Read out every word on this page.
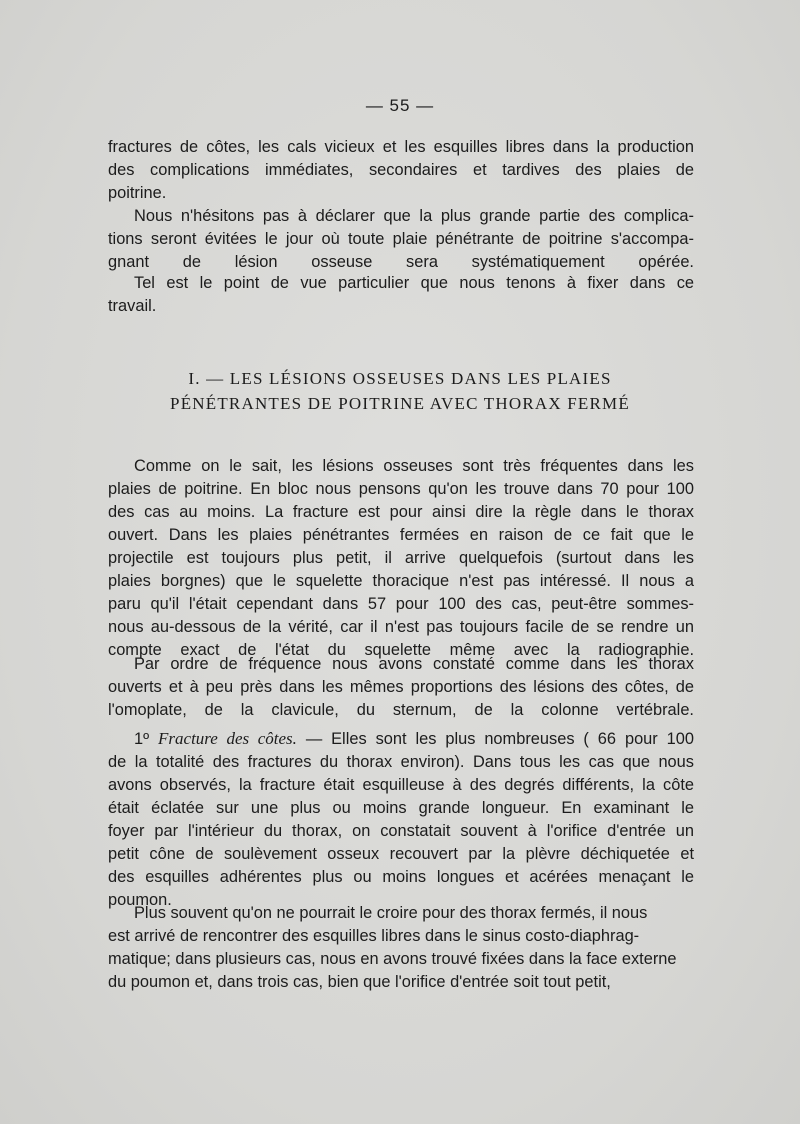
— 55 —
fractures de côtes, les cals vicieux et les esquilles libres dans la production
des complications immédiates, secondaires et tardives des plaies de
poitrine.
Nous n'hésitons pas à déclarer que la plus grande partie des complica-
tions seront évitées le jour où toute plaie pénétrante de poitrine s'accompa-
gnant de lésion osseuse sera systématiquement opérée.
Tel est le point de vue particulier que nous tenons à fixer dans ce
travail.
I. — LES LÉSIONS OSSEUSES DANS LES PLAIES
PÉNÉTRANTES DE POITRINE AVEC THORAX FERMÉ
Comme on le sait, les lésions osseuses sont très fréquentes dans les
plaies de poitrine. En bloc nous pensons qu'on les trouve dans 70 pour 100
des cas au moins. La fracture est pour ainsi dire la règle dans le thorax
ouvert. Dans les plaies pénétrantes fermées en raison de ce fait que le
projectile est toujours plus petit, il arrive quelquefois (surtout dans les
plaies borgnes) que le squelette thoracique n'est pas intéressé. Il nous a
paru qu'il l'était cependant dans 57 pour 100 des cas, peut-être sommes-
nous au-dessous de la vérité, car il n'est pas toujours facile de se rendre un
compte exact de l'état du squelette même avec la radiographie.
Par ordre de fréquence nous avons constaté comme dans les thorax
ouverts et à peu près dans les mêmes proportions des lésions des côtes, de
l'omoplate, de la clavicule, du sternum, de la colonne vertébrale.
1º Fracture des côtes. — Elles sont les plus nombreuses ( 66 pour 100
de la totalité des fractures du thorax environ). Dans tous les cas que nous
avons observés, la fracture était esquilleuse à des degrés différents, la côte
était éclatée sur une plus ou moins grande longueur. En examinant le
foyer par l'intérieur du thorax, on constatait souvent à l'orifice d'entrée un
petit cône de soulèvement osseux recouvert par la plèvre déchiquetée et
des esquilles adhérentes plus ou moins longues et acérées menaçant le
poumon.
Plus souvent qu'on ne pourrait le croire pour des thorax fermés, il nous
est arrivé de rencontrer des esquilles libres dans le sinus costo-diaphrag-
matique; dans plusieurs cas, nous en avons trouvé fixées dans la face externe
du poumon et, dans trois cas, bien que l'orifice d'entrée soit tout petit,
